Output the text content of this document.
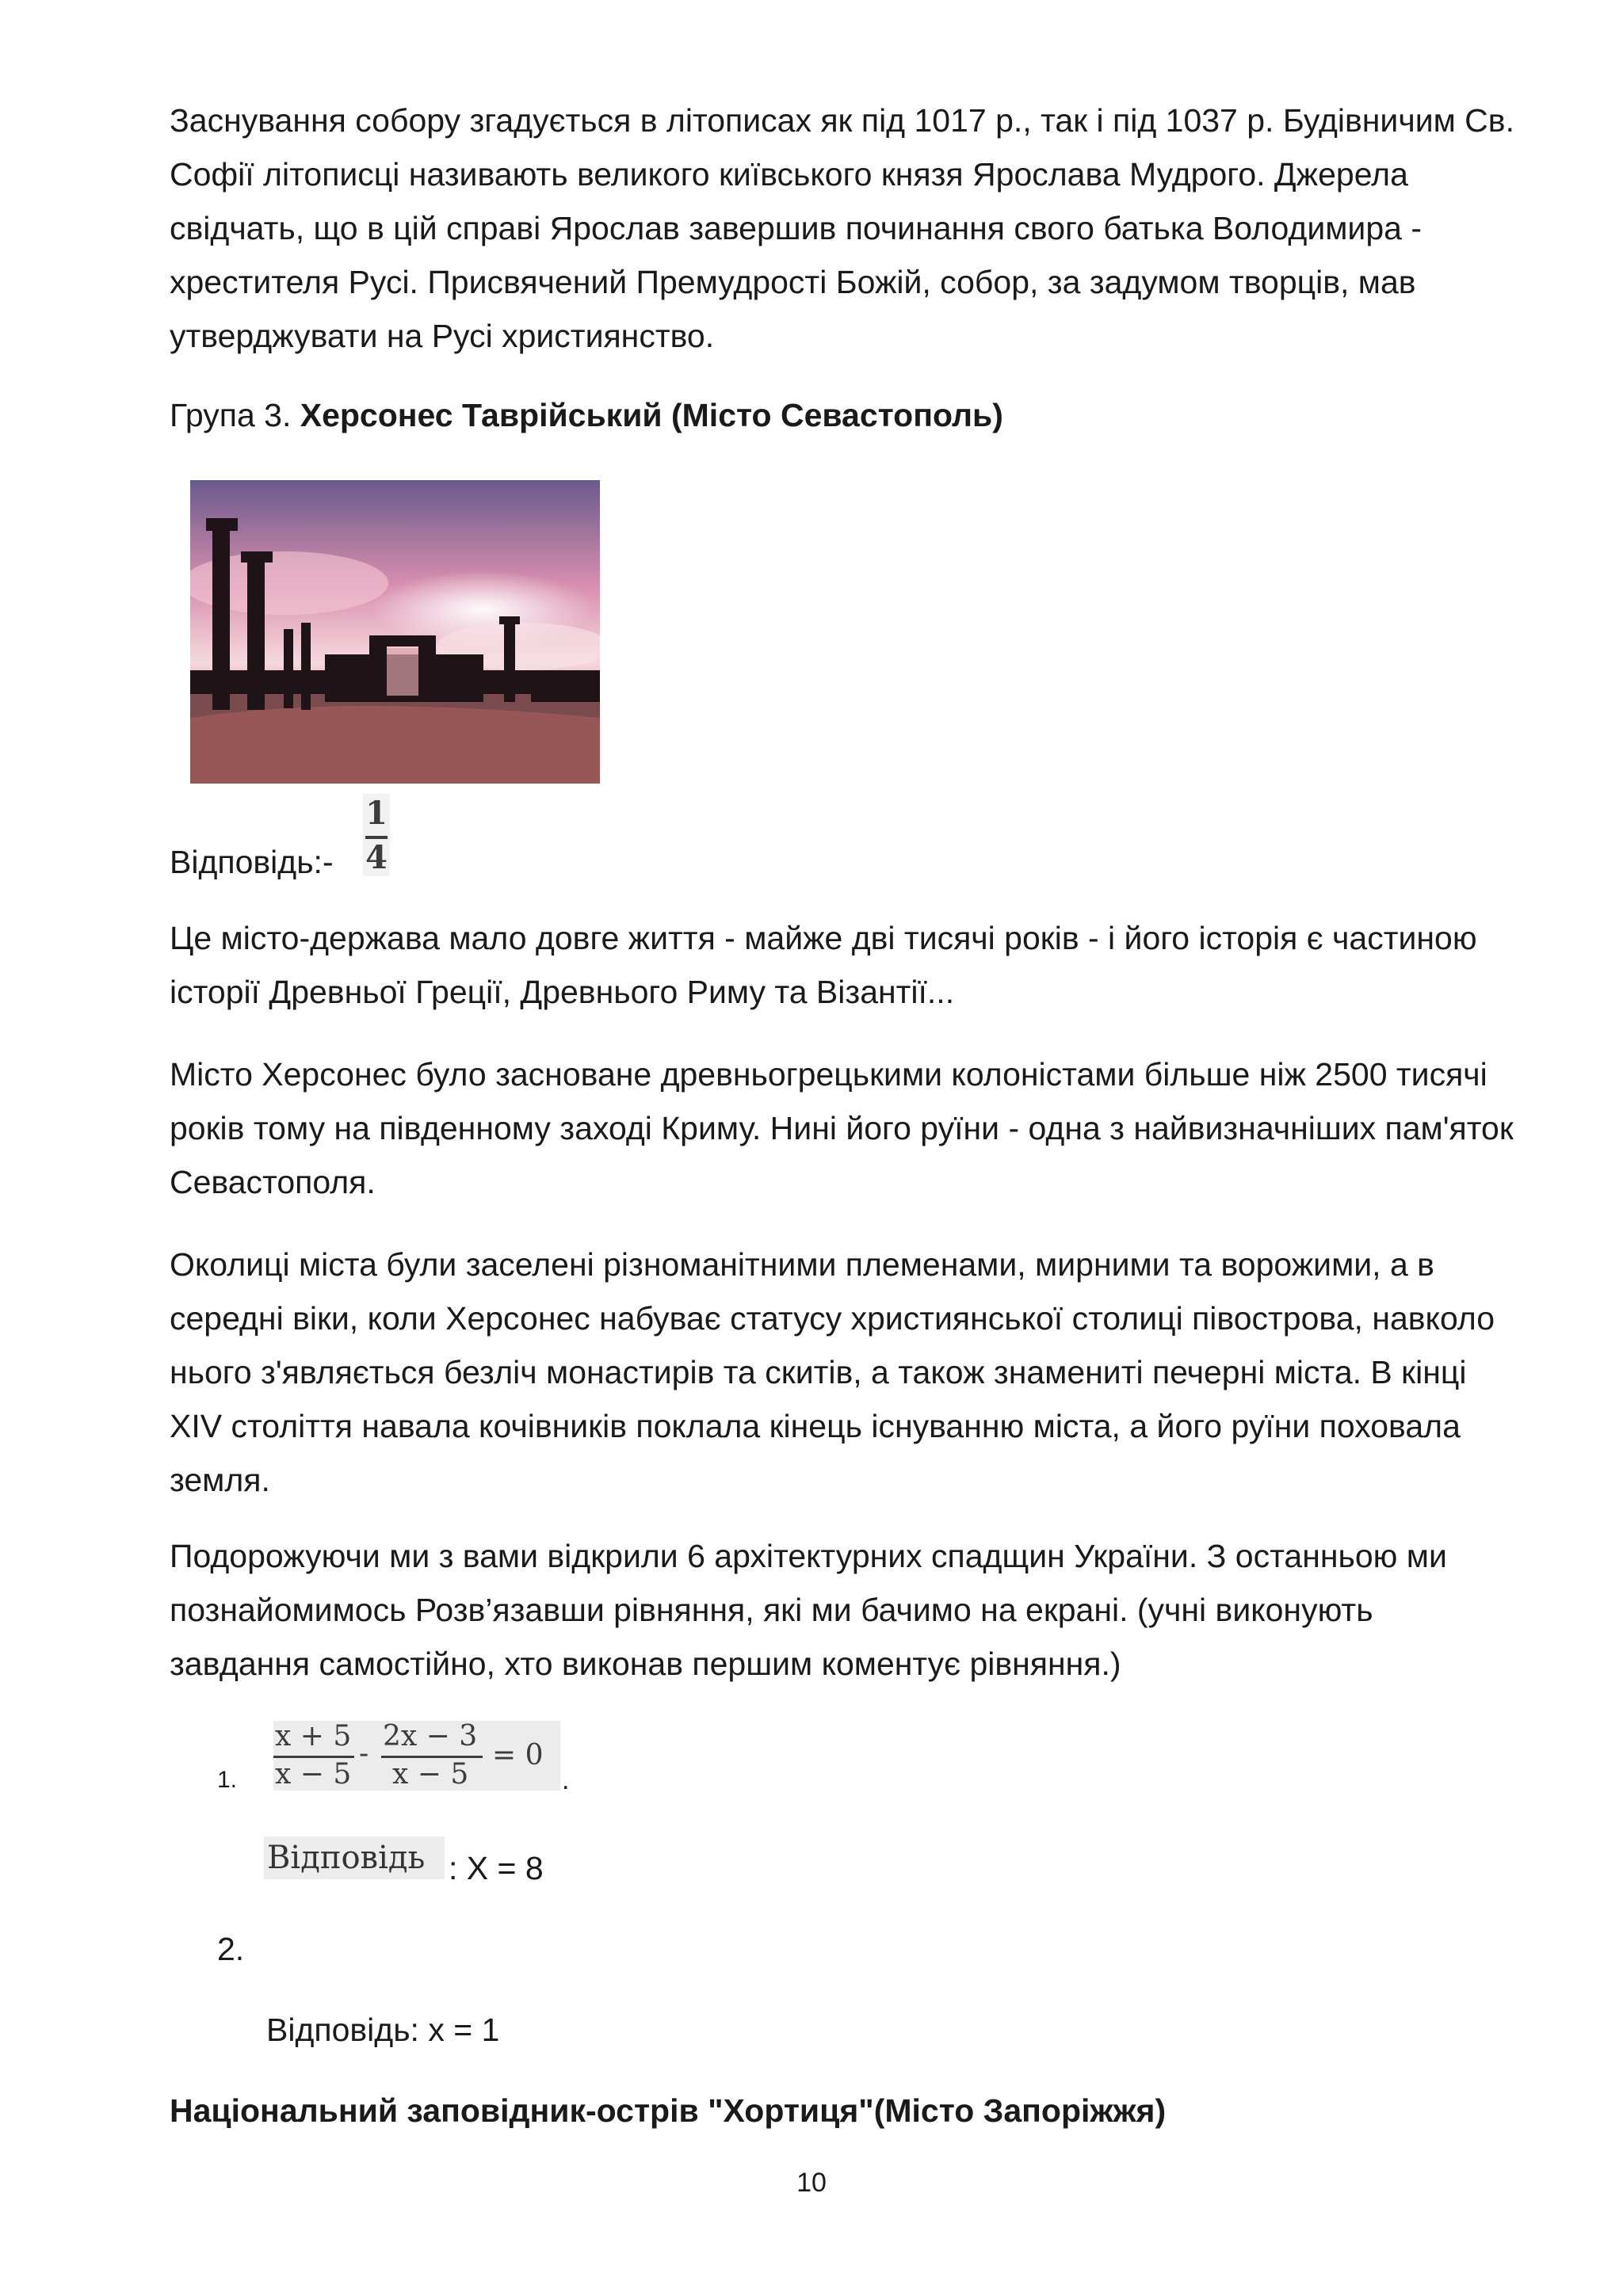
Заснування собору згадується в літописах як під 1017 р., так і під 1037 р. Будівничим Св. Софії літописці називають великого київського князя Ярослава Мудрого. Джерела свідчать, що в цій справі Ярослав завершив починання свого батька Володимира - хрестителя Русі. Присвячений Премудрості Божій, собор, за задумом творців, мав утверджувати на Русі християнство.

Група 3. Херсонес Таврійський (Місто Севастополь)

Відповідь:-

1
4

Це місто-держава мало довге життя - майже дві тисячі років - і його історія є частиною історії Древньої Греції, Древнього Риму та Візантії...

Місто Херсонес було засноване древньогрецькими колоністами більше ніж 2500 тисячі років тому на південному заході Криму. Нині його руїни - одна з найвизначніших пам'яток Севастополя.

Околиці міста були заселені різноманітними племенами, мирними та ворожими, а в середні віки, коли Херсонес набуває статусу християнської столиці півострова, навколо нього з'являється безліч монастирів та скитів, а також знамениті печерні міста. В кінці XIV століття навала кочівників поклала кінець існуванню міста, а його руїни поховала земля.

Подорожуючи ми з вами відкрили 6 архітектурних спадщин України. З останньою ми познайомимось Розв’язавши рівняння, які ми бачимо на екрані. (учні виконують завдання самостійно, хто виконав першим коментує рівняння.)

1.
x + 5
x − 5
-
2x − 3
x − 5
= 0
.
Відповідь : X = 8
2.
Відповідь: x = 1

Національний заповідник-острів "Хортиця"(Місто Запоріжжя)

10
